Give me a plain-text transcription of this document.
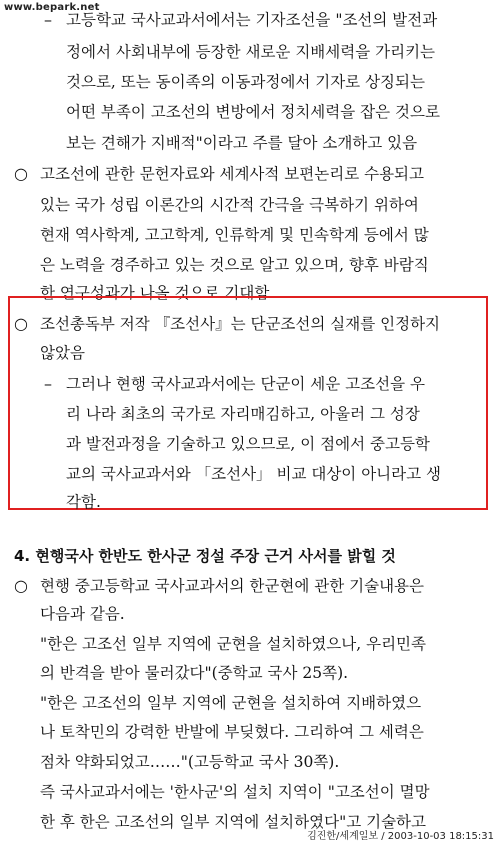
www.bepark.net
– 고등학교 국사교과서에서는 기자조선을 "조선의 발전과
정에서 사회내부에 등장한 새로운 지배세력을 가리키는
것으로, 또는 동이족의 이동과정에서 기자로 상징되는
어떤 부족이 고조선의 변방에서 정치세력을 잡은 것으로
보는 견해가 지배적"이라고 주를 달아 소개하고 있음
○ 고조선에 관한 문헌자료와 세계사적 보편논리로 수용되고
있는 국가 성립 이론간의 시간적 간극을 극복하기 위하여
현재 역사학계, 고고학계, 인류학계 및 민속학계 등에서 많
은 노력을 경주하고 있는 것으로 알고 있으며, 향후 바람직
한 연구성과가 나올 것으로 기대함
○ 조선총독부 저작 『조선사』는 단군조선의 실재를 인정하지
않았음
– 그러나 현행 국사교과서에는 단군이 세운 고조선을 우
리 나라 최초의 국가로 자리매김하고, 아울러 그 성장
과 발전과정을 기술하고 있으므로, 이 점에서 중고등학
교의 국사교과서와 「조선사」 비교 대상이 아니라고 생
각함.
4. 현행국사 한반도 한사군 정설 주장 근거 사서를 밝힐 것
○ 현행 중고등학교 국사교과서의 한군현에 관한 기술내용은
다음과 같음.
"한은 고조선 일부 지역에 군현을 설치하였으나, 우리민족
의 반격을 받아 물러갔다"(중학교 국사 25쪽).
"한은 고조선의 일부 지역에 군현을 설치하여 지배하였으
나 토착민의 강력한 반발에 부딪혔다. 그리하여 그 세력은
점차 약화되었고……"(고등학교 국사 30쪽).
즉 국사교과서에는 '한사군'의 설치 지역이 "고조선이 멸망
한 후 한은 고조선의 일부 지역에 설치하였다"고 기술하고
김진한/세계일보 / 2003-10-03 18:15:31
